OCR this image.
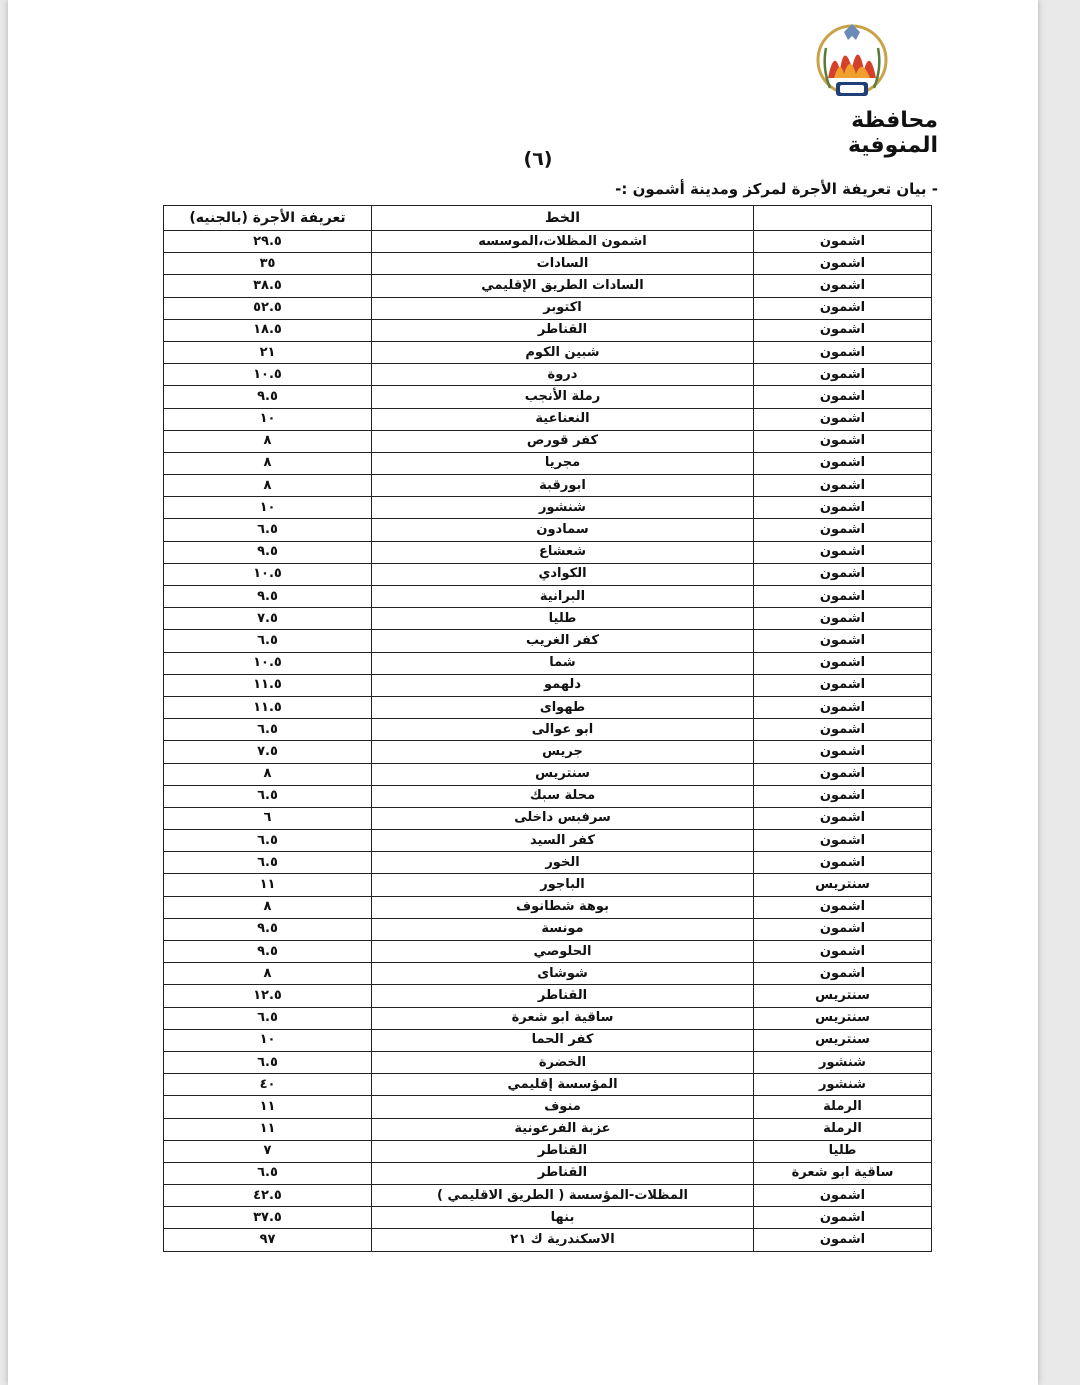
محافظة المنوفية
(٦)
- بيان تعريفة الأجرة لمركز ومدينة أشمون :-
	الخط	تعريفة الأجرة (بالجنيه)
اشمون	اشمون المظلات،الموسسه	٢٩.٥
اشمون	السادات	٣٥
اشمون	السادات الطريق الإقليمي	٣٨.٥
اشمون	اكتوبر	٥٢.٥
اشمون	القناطر	١٨.٥
اشمون	شبين الكوم	٢١
اشمون	دروة	١٠.٥
اشمون	رملة الأنجب	٩.٥
اشمون	النعناعية	١٠
اشمون	كفر قورص	٨
اشمون	مجريا	٨
اشمون	ابورقبة	٨
اشمون	شنشور	١٠
اشمون	سمادون	٦.٥
اشمون	شعشاع	٩.٥
اشمون	الكوادي	١٠.٥
اشمون	البرانية	٩.٥
اشمون	طليا	٧.٥
اشمون	كفر الغريب	٦.٥
اشمون	شما	١٠.٥
اشمون	دلهمو	١١.٥
اشمون	طهواى	١١.٥
اشمون	ابو عوالى	٦.٥
اشمون	جريس	٧.٥
اشمون	سنتريس	٨
اشمون	محلة سبك	٦.٥
اشمون	سرفبس داخلى	٦
اشمون	كفر السيد	٦.٥
اشمون	الخور	٦.٥
سنتريس	الباجور	١١
اشمون	بوهة شطانوف	٨
اشمون	مونسة	٩.٥
اشمون	الحلوصي	٩.٥
اشمون	شوشاى	٨
سنتريس	القناطر	١٢.٥
سنتريس	ساقية ابو شعرة	٦.٥
سنتريس	كفر الحما	١٠
شنشور	الخضرة	٦.٥
شنشور	المؤسسة إقليمي	٤٠
الرملة	منوف	١١
الرملة	عزبة الفرعونية	١١
طليا	القناطر	٧
ساقية ابو شعرة	القناطر	٦.٥
اشمون	المظلات-المؤسسة ( الطريق الاقليمي )	٤٢.٥
اشمون	بنها	٣٧.٥
اشمون	الاسكندرية ك ٢١	٩٧
